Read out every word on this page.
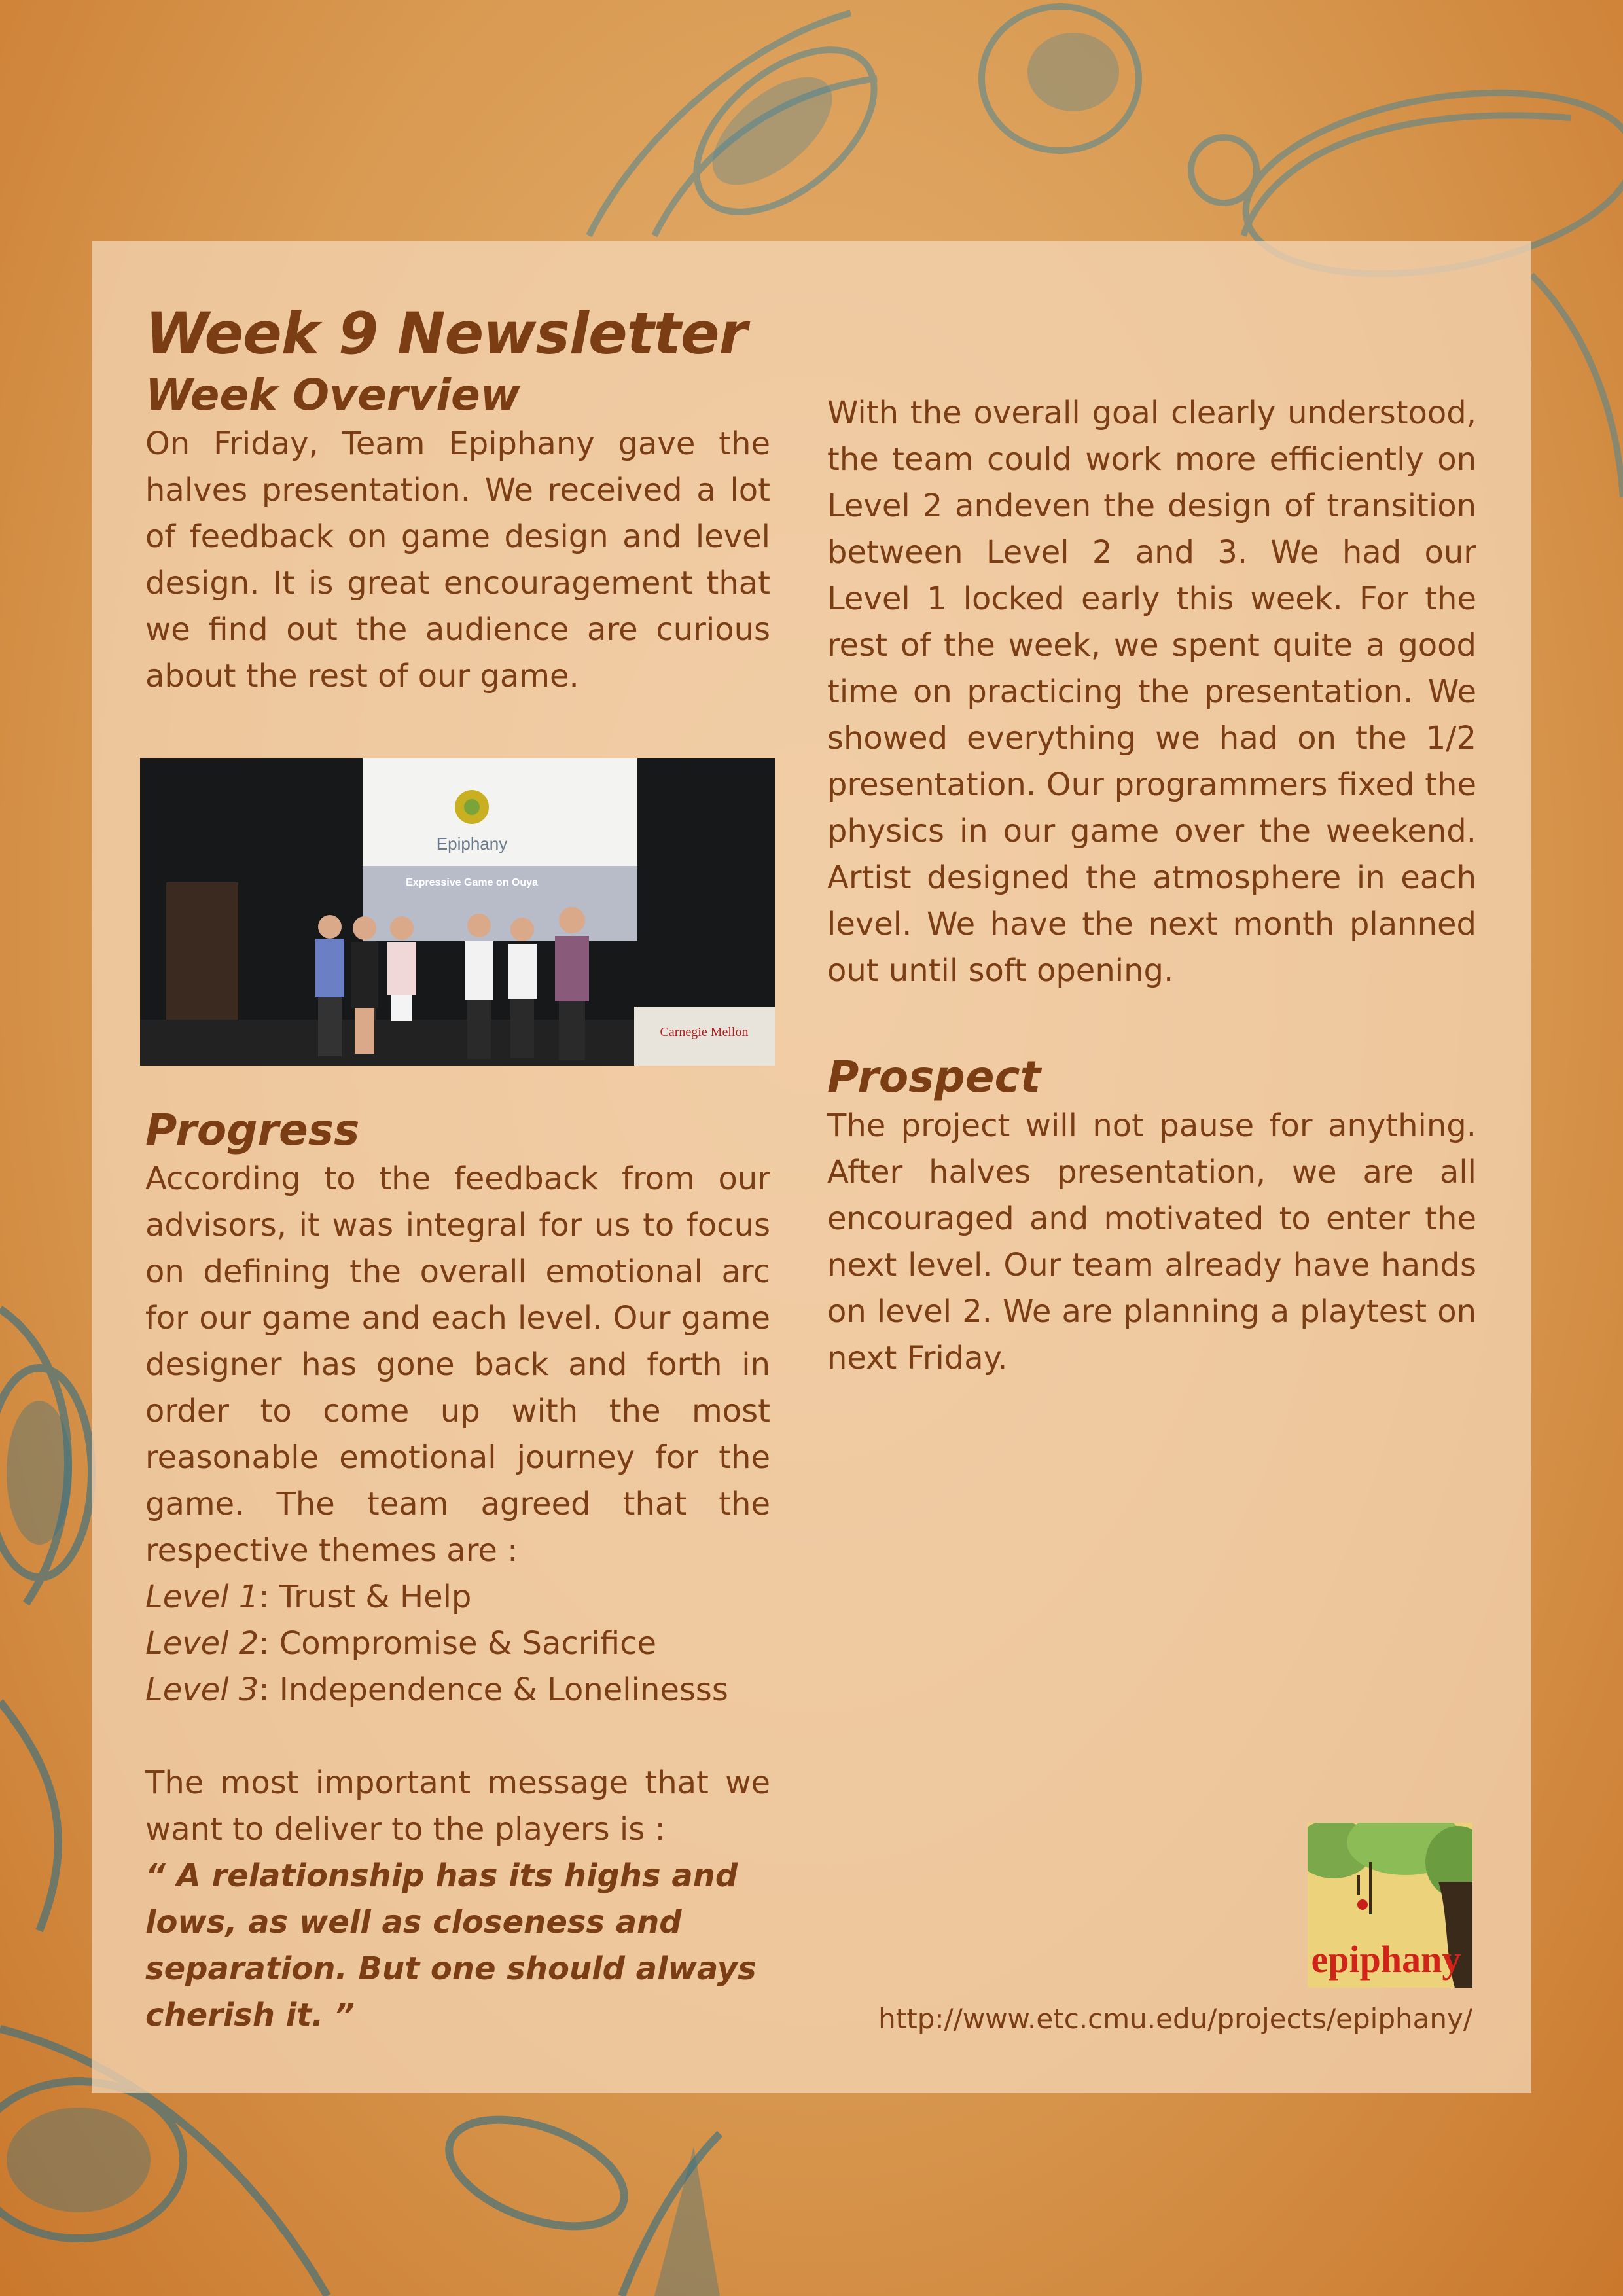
Week 9 Newsletter
Week Overview

On Friday, Team Epiphany gave the halves presentation. We received a lot of feedback on game design and level design. It is great encouragement that we find out the audience are curious about the rest of our game.

Epiphany
Expressive Game on Ouya
Carnegie Mellon
Progress

According to the feedback from our advisors, it was integral for us to focus on defining the overall emotional arc for our game and each level. Our game designer has gone back and forth in order to come up with the most reasonable emotional journey for the game. The team agreed that the respective themes are :

Level 1: Trust & Help
Level 2: Compromise & Sacrifice
Level 3: Independence & Lonelinesss

The most important message that we want to deliver to the players is :

“ A relationship has its highs and lows, as well as closeness and separation. But one should always cherish it. ”

With the overall goal clearly understood, the team could work more efficiently on Level 2 andeven the design of transition between Level 2 and 3. We had our Level 1 locked early this week. For the rest of the week, we spent quite a good time on practicing the presentation. We showed everything we had on the 1/2 presentation. Our programmers fixed the physics in our game over the weekend. Artist designed the atmosphere in each level. We have the next month planned out until soft opening.

Prospect

The project will not pause for anything. After halves presentation, we are all encouraged and motivated to enter the next level. Our team already have hands on level 2. We are planning a playtest on next Friday.

epiphany
http://www.etc.cmu.edu/projects/epiphany/
